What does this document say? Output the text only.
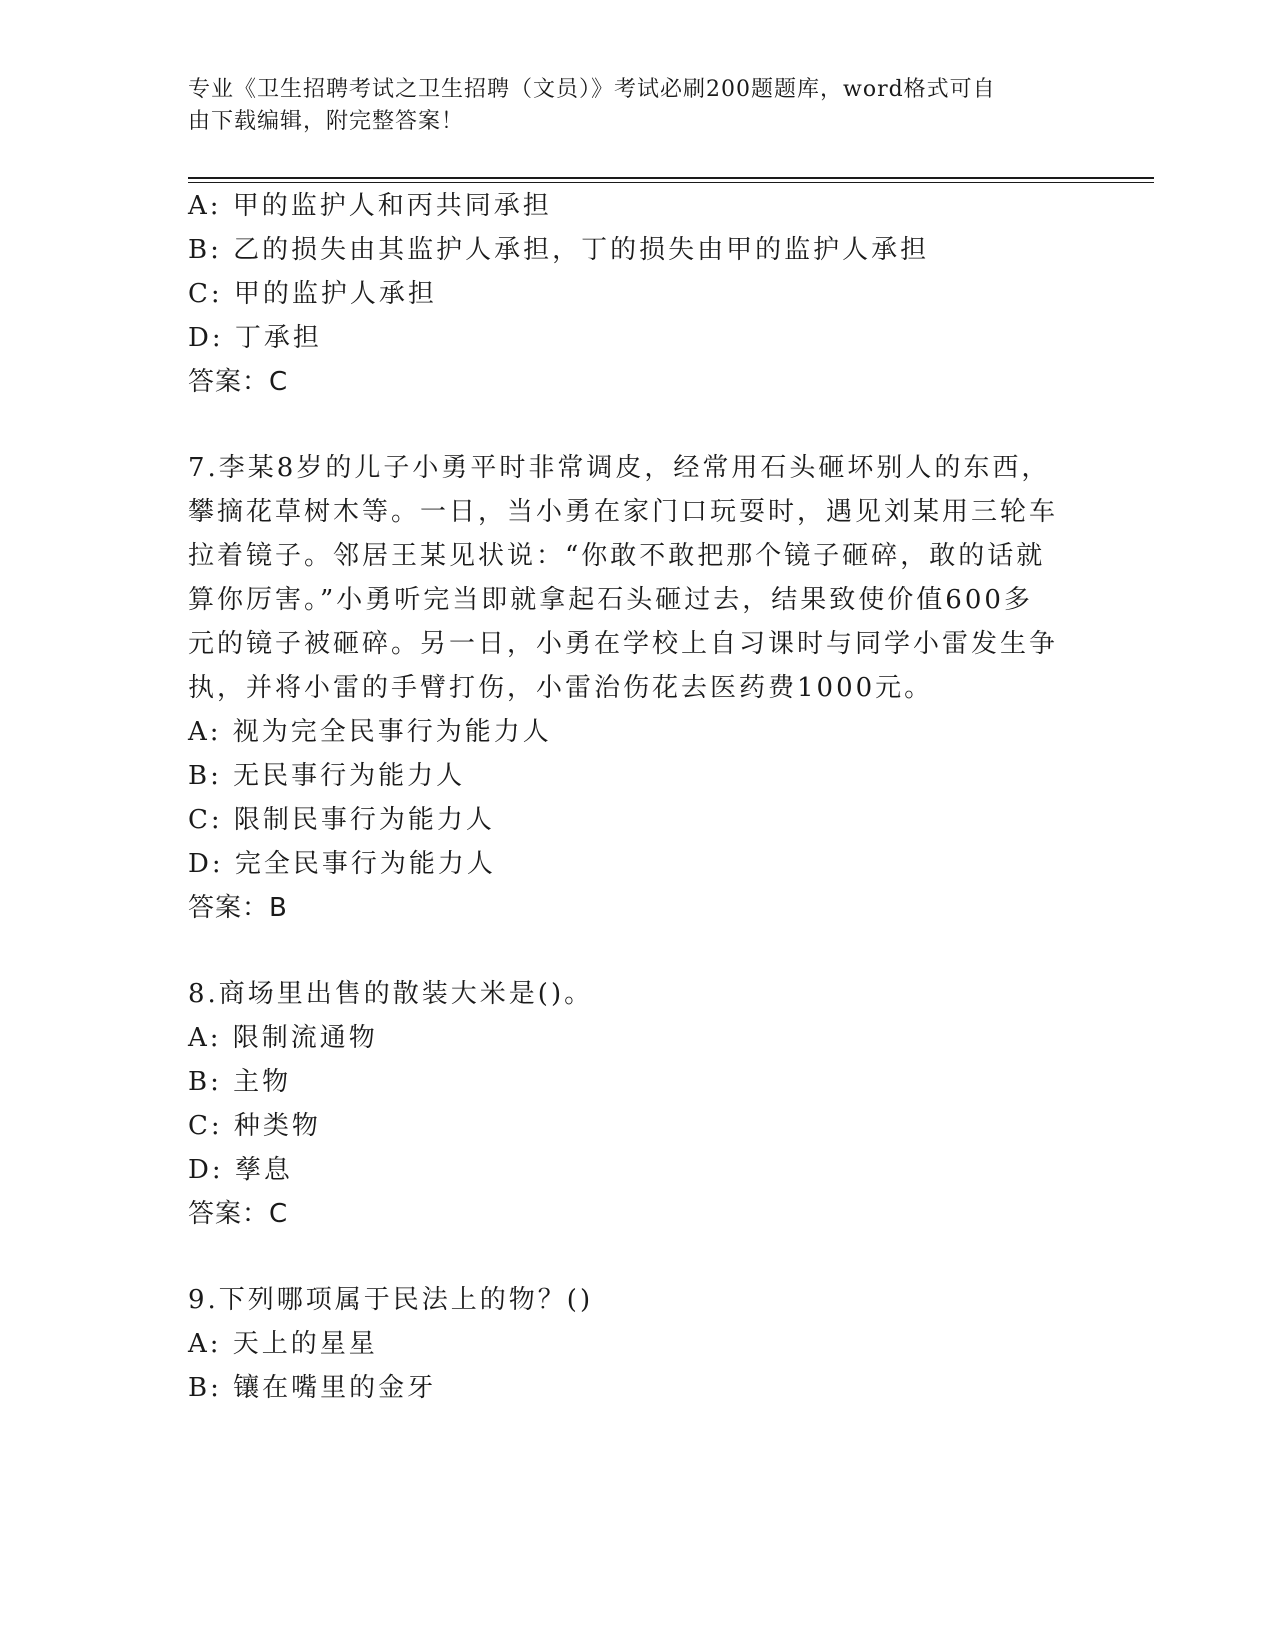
专业《卫生招聘考试之卫生招聘（文员）》考试必刷200题题库，word格式可自
由下载编辑，附完整答案！
A: 甲的监护人和丙共同承担
B: 乙的损失由其监护人承担，丁的损失由甲的监护人承担
C: 甲的监护人承担
D: 丁承担
答案：C
7.李某8岁的儿子小勇平时非常调皮，经常用石头砸坏别人的东西，
攀摘花草树木等。一日，当小勇在家门口玩耍时，遇见刘某用三轮车
拉着镜子。邻居王某见状说：“你敢不敢把那个镜子砸碎，敢的话就
算你厉害。”小勇听完当即就拿起石头砸过去，结果致使价值600多
元的镜子被砸碎。另一日，小勇在学校上自习课时与同学小雷发生争
执，并将小雷的手臂打伤，小雷治伤花去医药费1000元。
A: 视为完全民事行为能力人
B: 无民事行为能力人
C: 限制民事行为能力人
D: 完全民事行为能力人
答案：B
8.商场里出售的散装大米是()。
A: 限制流通物
B: 主物
C: 种类物
D: 孳息
答案：C
9.下列哪项属于民法上的物？()
A: 天上的星星
B: 镶在嘴里的金牙
